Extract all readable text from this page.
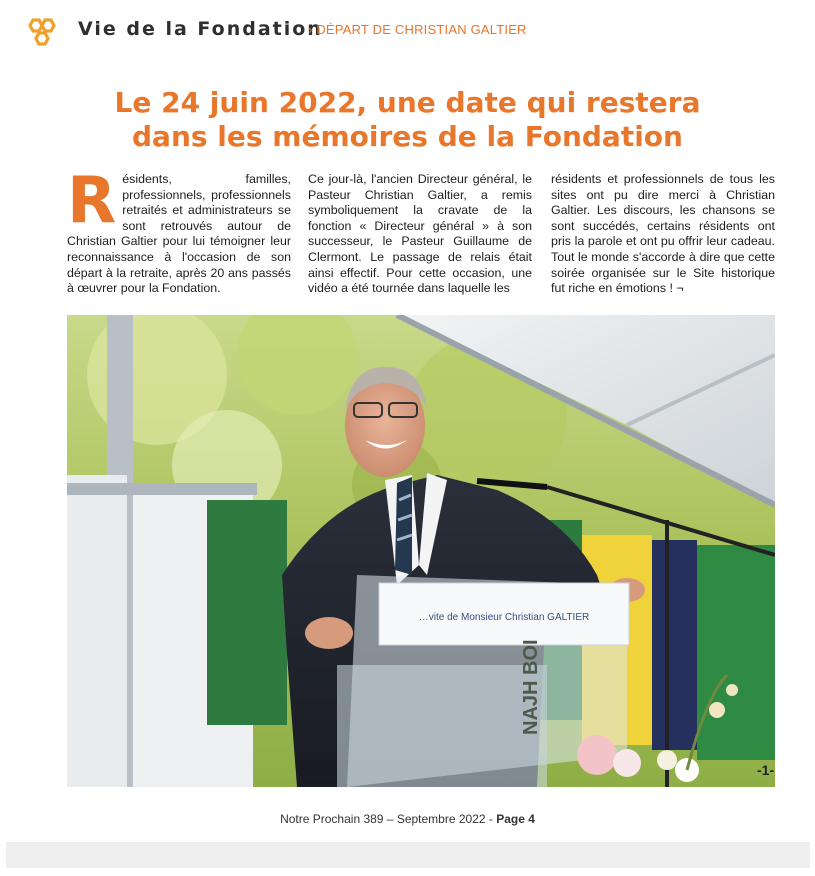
Vie de la Fondation
› DÉPART DE CHRISTIAN GALTIER
Le 24 juin 2022, une date qui restera
dans les mémoires de la Fondation
R ésidents, familles, professionnels, professionnels retraités et administrateurs se sont retrouvés autour de Christian Galtier pour lui témoigner leur reconnaissance à l'occasion de son départ à la retraite, après 20 ans passés à œuvrer pour la Fondation.
Ce jour-là, l'ancien Directeur général, le Pasteur Christian Galtier, a remis symboliquement la cravate de la fonction « Directeur général » à son successeur, le Pasteur Guillaume de Clermont. Le passage de relais était ainsi effectif. Pour cette occasion, une vidéo a été tournée dans laquelle les
résidents et professionnels de tous les sites ont pu dire merci à Christian Galtier. Les discours, les chansons se sont succédés, certains résidents ont pris la parole et ont pu offrir leur cadeau. Tout le monde s'accorde à dire que cette soirée organisée sur le Site historique fut riche en émotions ! ¬
…vite de Monsieur Christian GALTIER
NAJH BOI
-1-
Notre Prochain 389 – Septembre 2022 - Page 4
